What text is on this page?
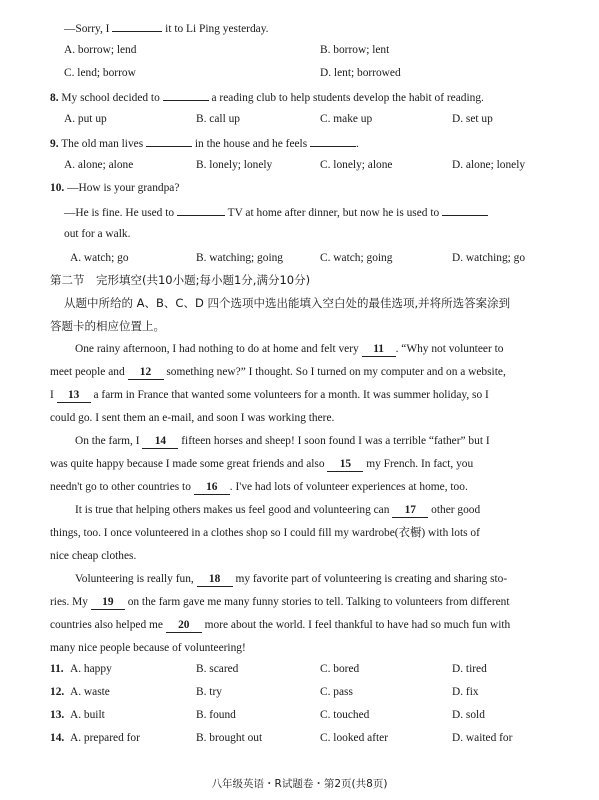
—Sorry, I	it to Li Ping yesterday.
A. borrow; lend	B. borrow; lent
C. lend; borrow	D. lent; borrowed
8. My school decided to	a reading club to help students develop the habit of reading.
A. put up	B. call up	C. make up	D. set up
9. The old man lives	in the house and he feels	.
A. alone; alone	B. lonely; lonely	C. lonely; alone	D. alone; lonely
10. —How is your grandpa?
—He is fine. He used to	TV at home after dinner, but now he is used to
out for a walk.
A. watch; go	B. watching; going	C. watch; going	D. watching; go
第二节　完形填空(共10小题;每小题1分,满分10分)
从题中所给的 A、B、C、D 四个选项中选出能填入空白处的最佳选项,并将所选答案涂到
答题卡的相应位置上。
One rainy afternoon, I had nothing to do at home and felt very 11 . “Why not volunteer to
meet people and 12 something new?” I thought. So I turned on my computer and on a website,
I 13 a farm in France that wanted some volunteers for a month. It was summer holiday, so I
could go. I sent them an e-mail, and soon I was working there.
On the farm, I 14 fifteen horses and sheep! I soon found I was a terrible “father” but I
was quite happy because I made some great friends and also 15 my French. In fact, you
needn't go to other countries to 16 . I've had lots of volunteer experiences at home, too.
It is true that helping others makes us feel good and volunteering can 17 other good
things, too. I once volunteered in a clothes shop so I could fill my wardrobe(衣橱) with lots of
nice cheap clothes.
Volunteering is really fun, 18 my favorite part of volunteering is creating and sharing sto-
ries. My 19 on the farm gave me many funny stories to tell. Talking to volunteers from different
countries also helped me 20 more about the world. I feel thankful to have had so much fun with
many nice people because of volunteering!
11. A. happy	B. scared	C. bored	D. tired
12. A. waste	B. try	C. pass	D. fix
13. A. built	B. found	C. touched	D. sold
14. A. prepared for	B. brought out	C. looked after	D. waited for
八年级英语・R试题卷・第2页(共8页)
